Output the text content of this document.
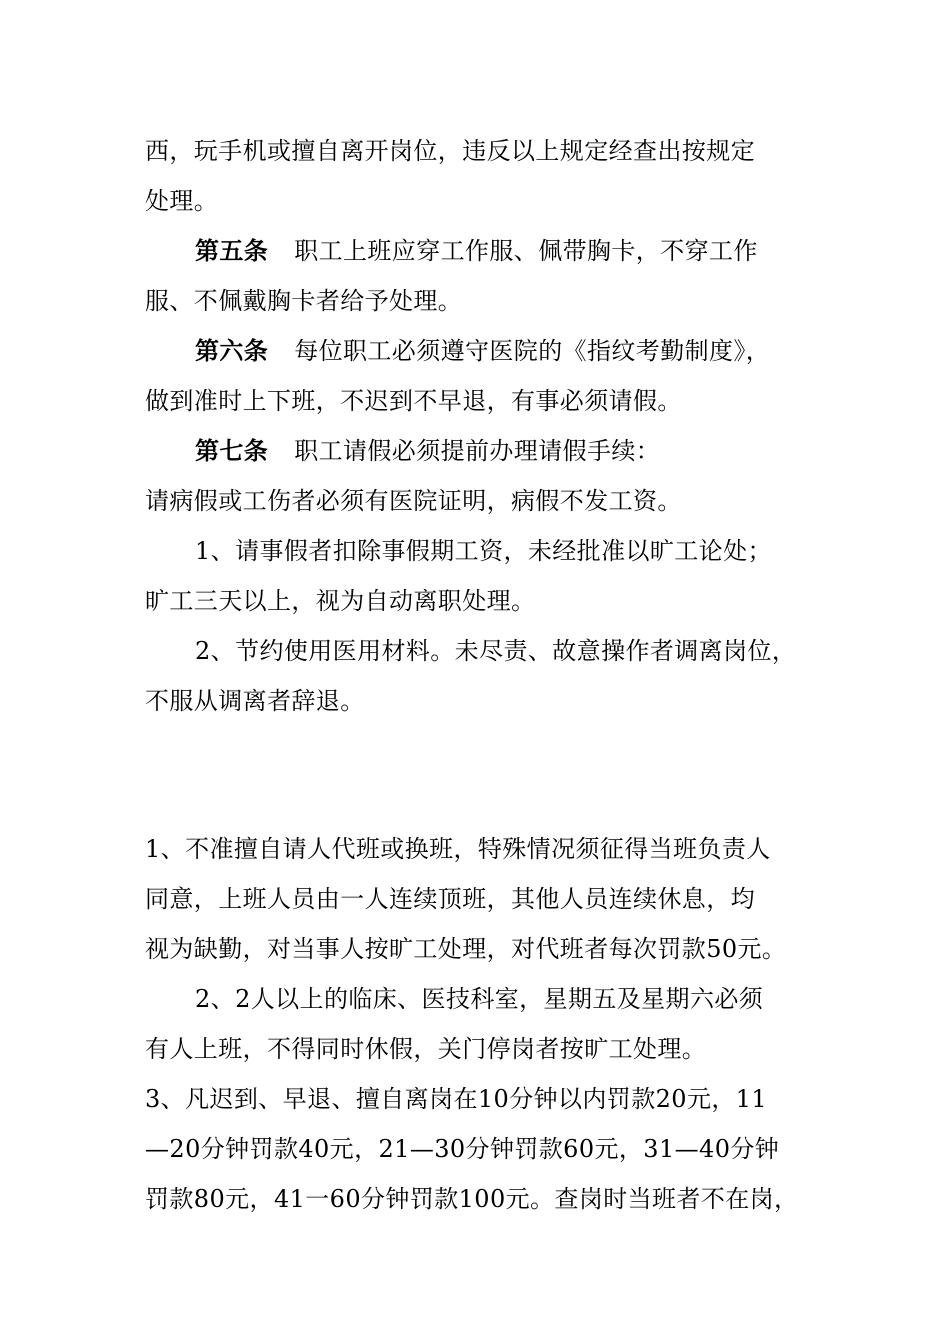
西，玩手机或擅自离开岗位，违反以上规定经查出按规定
处理。
第五条 职工上班应穿工作服、佩带胸卡，不穿工作
服、不佩戴胸卡者给予处理。
第六条 每位职工必须遵守医院的《指纹考勤制度》，
做到准时上下班，不迟到不早退，有事必须请假。
第七条 职工请假必须提前办理请假手续：
请病假或工伤者必须有医院证明，病假不发工资。
1、请事假者扣除事假期工资，未经批准以旷工论处；
旷工三天以上，视为自动离职处理。
2、节约使用医用材料。未尽责、故意操作者调离岗位，
不服从调离者辞退。
1、不准擅自请人代班或换班，特殊情况须征得当班负责人
同意，上班人员由一人连续顶班，其他人员连续休息，均
视为缺勤，对当事人按旷工处理，对代班者每次罚款50元。
2、2人以上的临床、医技科室，星期五及星期六必须
有人上班，不得同时休假，关门停岗者按旷工处理。
3、凡迟到、早退、擅自离岗在10分钟以内罚款20元，11
—20分钟罚款40元，21—30分钟罚款60元，31—40分钟
罚款80元，41一60分钟罚款100元。查岗时当班者不在岗，
